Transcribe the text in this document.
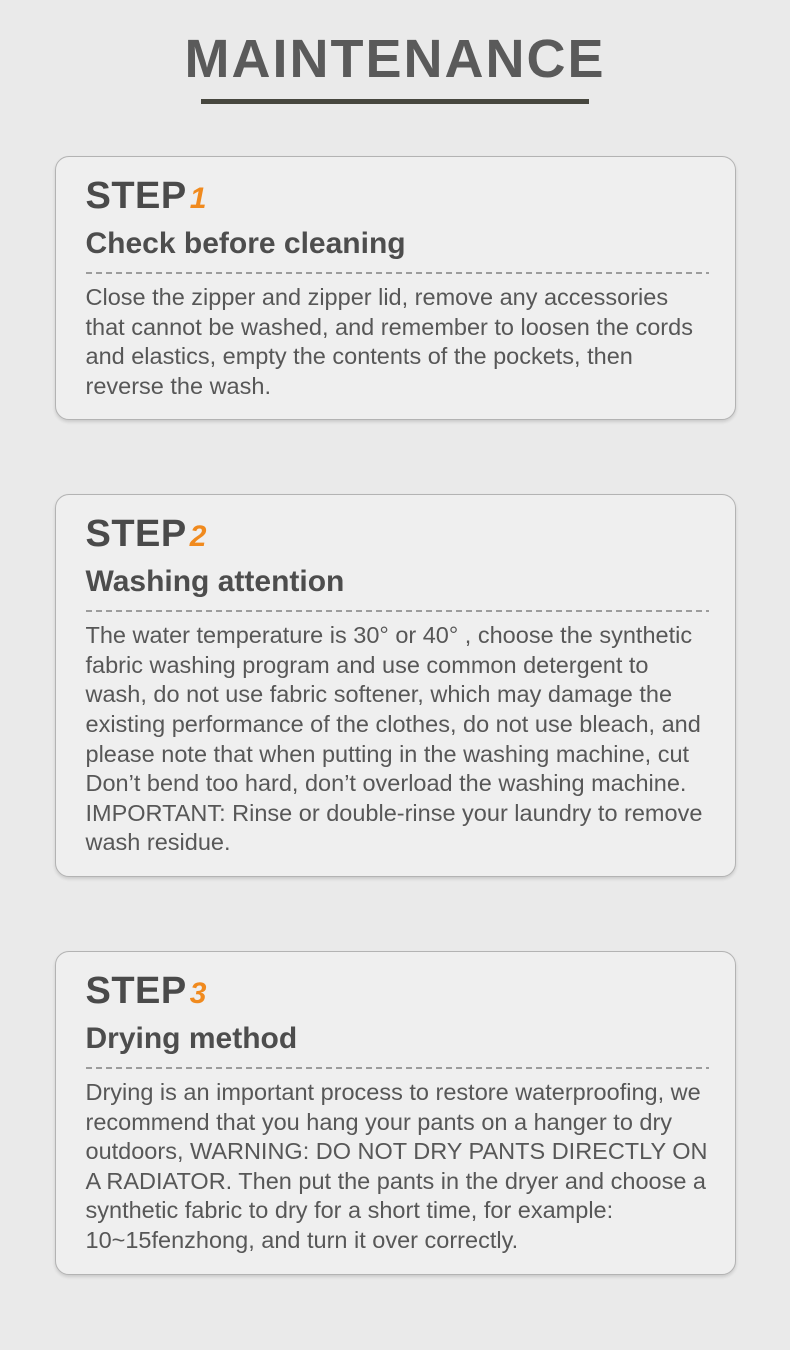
MAINTENANCE
STEP 1
Check before cleaning

Close the zipper and zipper lid, remove any accessories that cannot be washed, and remember to loosen the cords and elastics, empty the contents of the pockets, then reverse the wash.

STEP 2
Washing attention

The water temperature is 30° or 40° , choose the synthetic fabric washing program and use common detergent to wash, do not use fabric softener, which may damage the existing performance of the clothes, do not use bleach, and please note that when putting in the washing machine, cut Don’t bend too hard, don’t overload the washing machine.

IMPORTANT: Rinse or double-rinse your laundry to remove wash residue.

STEP 3
Drying method

Drying is an important process to restore waterproofing, we recommend that you hang your pants on a hanger to dry outdoors, WARNING: DO NOT DRY PANTS DIRECTLY ON A RADIATOR. Then put the pants in the dryer and choose a synthetic fabric to dry for a short time, for example: 10~15fenzhong, and turn it over correctly.
